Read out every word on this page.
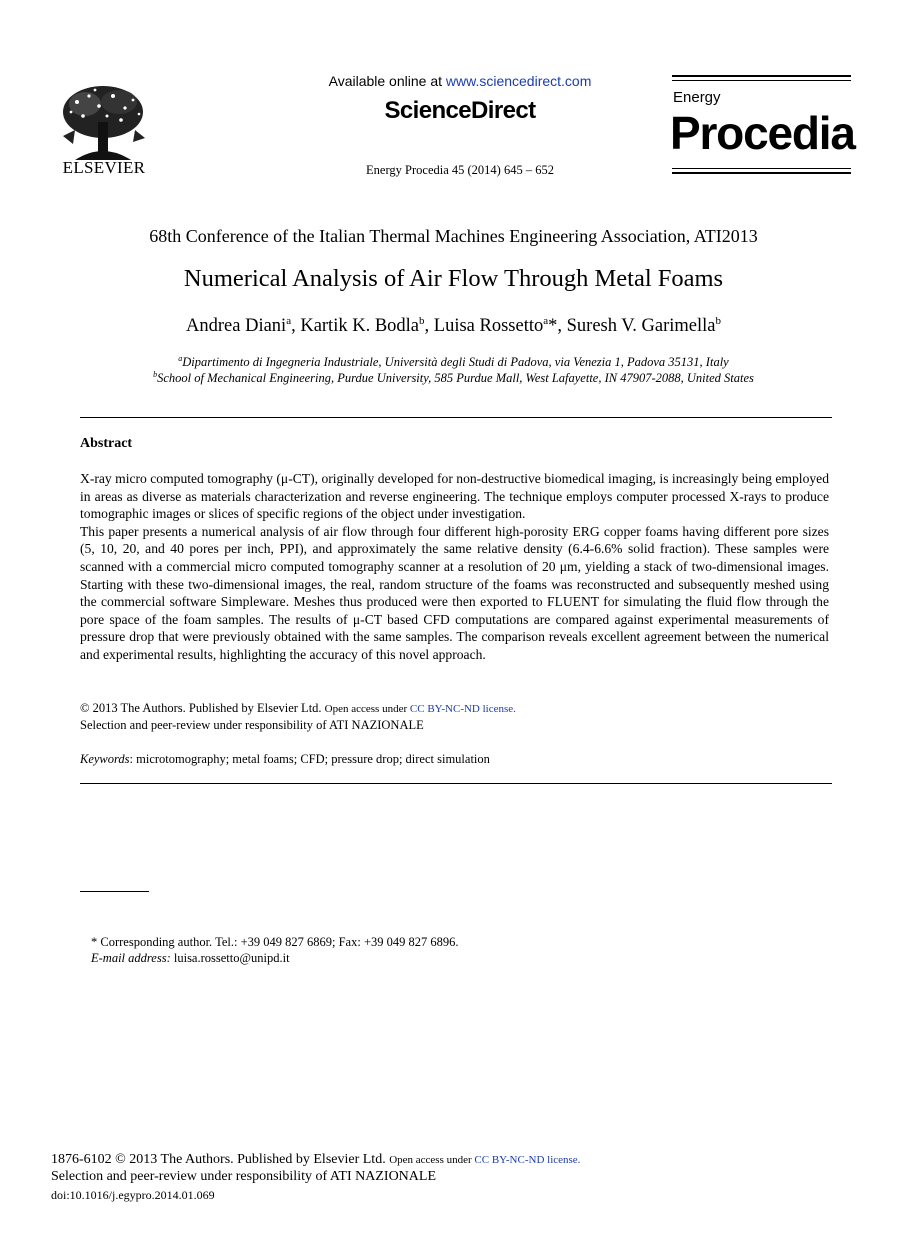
ELSEVIER
Available online at www.sciencedirect.com
ScienceDirect
Energy Procedia 45 (2014) 645 – 652
Energy
Procedia
68th Conference of the Italian Thermal Machines Engineering Association, ATI2013
Numerical Analysis of Air Flow Through Metal Foams
Andrea Diani$^a$, Kartik K. Bodla$^b$, Luisa Rossetto$^a$*, Suresh V. Garimella$^b$
$^a$Dipartimento di Ingegneria Industriale, Università degli Studi di Padova, via Venezia 1, Padova 35131, Italy
$^b$School of Mechanical Engineering, Purdue University, 585 Purdue Mall, West Lafayette, IN 47907-2088, United States
Abstract

X-ray micro computed tomography (μ-CT), originally developed for non-destructive biomedical imaging, is increasingly being employed in areas as diverse as materials characterization and reverse engineering. The technique employs computer processed X-rays to produce tomographic images or slices of specific regions of the object under investigation.

This paper presents a numerical analysis of air flow through four different high-porosity ERG copper foams having different pore sizes (5, 10, 20, and 40 pores per inch, PPI), and approximately the same relative density (6.4-6.6% solid fraction). These samples were scanned with a commercial micro computed tomography scanner at a resolution of 20 μm, yielding a stack of two-dimensional images. Starting with these two-dimensional images, the real, random structure of the foams was reconstructed and subsequently meshed using the commercial software Simpleware. Meshes thus produced were then exported to FLUENT for simulating the fluid flow through the pore space of the foam samples. The results of μ-CT based CFD computations are compared against experimental measurements of pressure drop that were previously obtained with the same samples. The comparison reveals excellent agreement between the numerical and experimental results, highlighting the accuracy of this novel approach.

© 2013 The Authors. Published by Elsevier Ltd. Open access under CC BY-NC-ND license.
Selection and peer-review under responsibility of ATI NAZIONALE
Keywords: microtomography; metal foams; CFD; pressure drop; direct simulation
* Corresponding author. Tel.: +39 049 827 6869; Fax: +39 049 827 6896.
E-mail address: luisa.rossetto@unipd.it
1876-6102 © 2013 The Authors. Published by Elsevier Ltd. Open access under CC BY-NC-ND license.
Selection and peer-review under responsibility of ATI NAZIONALE
doi:10.1016/j.egypro.2014.01.069
